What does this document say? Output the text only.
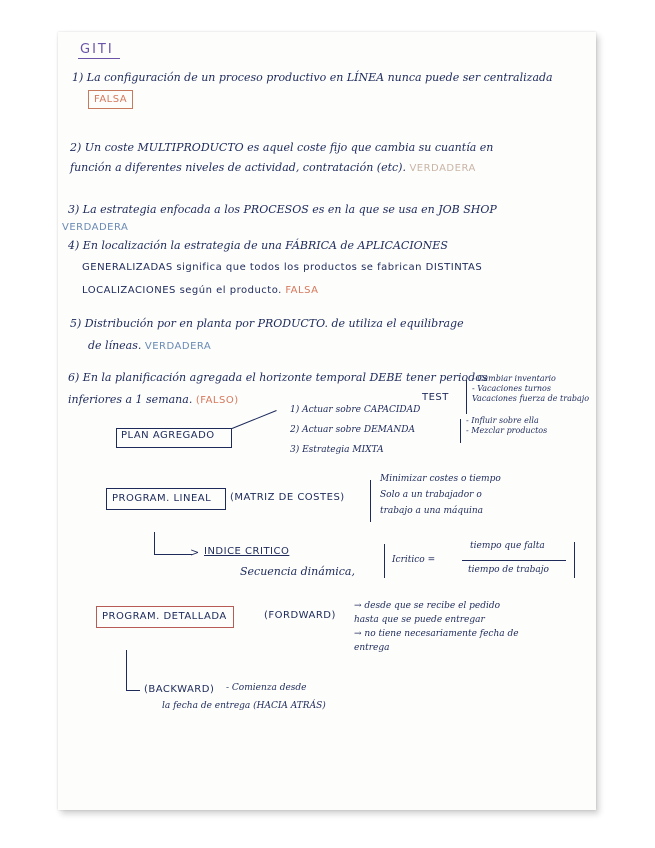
GITI

1) La configuración de un proceso productivo en LÍNEA nunca puede ser centralizada

FALSA

2) Un coste MULTIPRODUCTO es aquel coste fijo que cambia su cuantía en

función a diferentes niveles de actividad, contratación (etc). VERDADERA

3) La estrategia enfocada a los PROCESOS es en la que se usa en JOB SHOP

VERDADERA

4) En localización la estrategia de una FÁBRICA de APLICACIONES

GENERALIZADAS significa que todos los productos se fabrican DISTINTAS

LOCALIZACIONES según el producto. FALSA

5) Distribución por en planta por PRODUCTO. de utiliza el equilibrage

de líneas. VERDADERA

6) En la planificación agregada el horizonte temporal DEBE tener periodos

inferiores a 1 semana. (FALSO)

PLAN AGREGADO

TEST

1) Actuar sobre CAPACIDAD

2) Actuar sobre DEMANDA

3) Estrategia MIXTA

- Cambiar inventario
- Vacaciones turnos
Vacaciones fuerza de trabajo

- Influir sobre ella
- Mezclar productos

PROGRAM. LINEAL (MATRIZ DE COSTES)

Minimizar costes o tiempo
Solo a un trabajador o
trabajo a una máquina

> INDICE CRITICO

Secuencia dinámica,

Icritico =

tiempo que falta

tiempo de trabajo

PROGRAM. DETALLADA	(FORDWARD)

→ desde que se recibe el pedido
hasta que se puede entregar
→ no tiene necesariamente fecha de
entrega

(BACKWARD) - Comienza desde

la fecha de entrega (HACIA ATRÁS)
